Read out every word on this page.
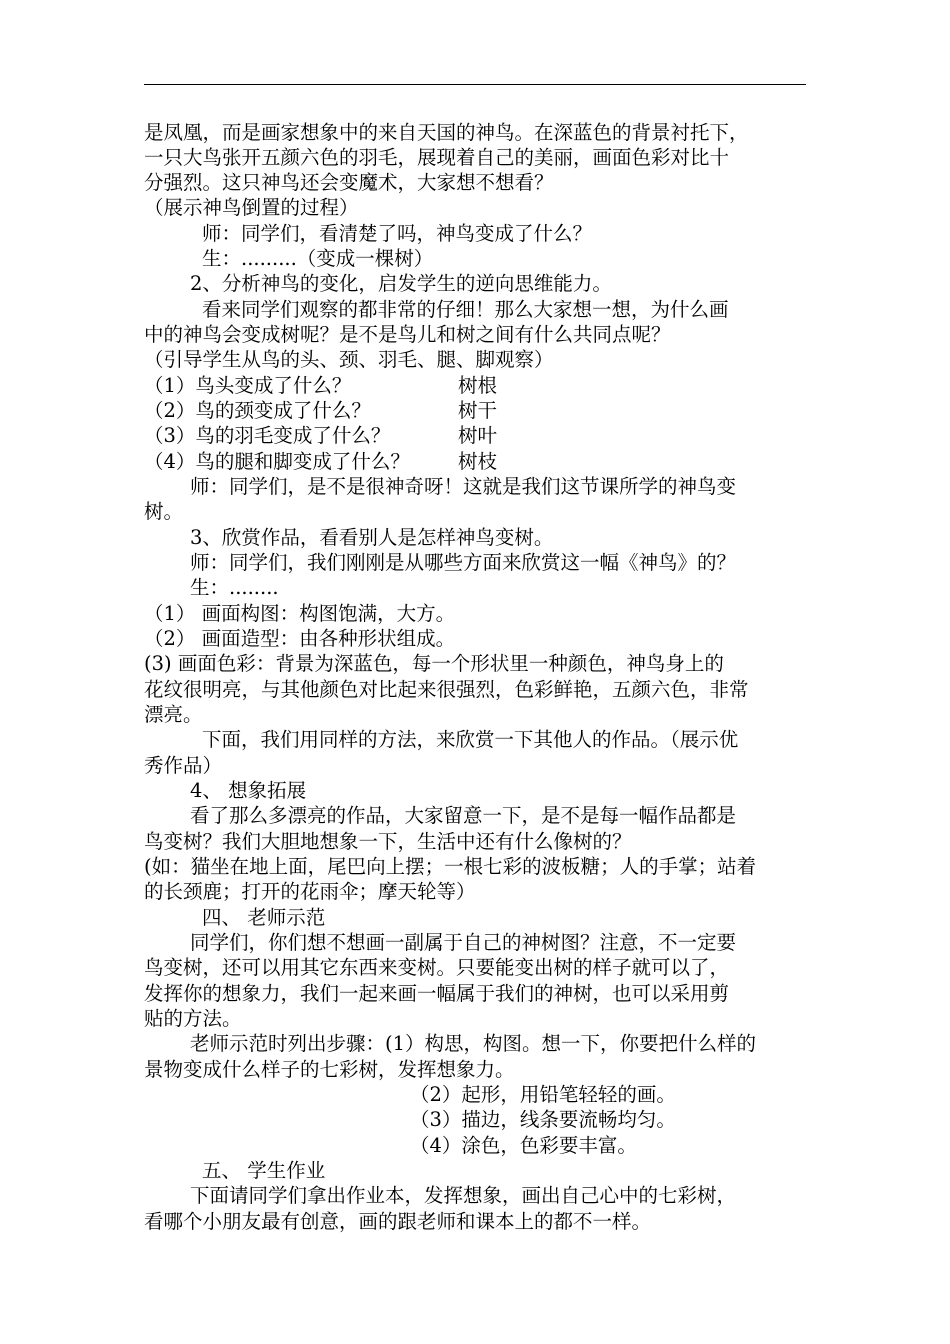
是凤凰，而是画家想象中的来自天国的神鸟。在深蓝色的背景衬托下，
一只大鸟张开五颜六色的羽毛，展现着自己的美丽，画面色彩对比十
分强烈。这只神鸟还会变魔术，大家想不想看？
（展示神鸟倒置的过程）
师：同学们，看清楚了吗，神鸟变成了什么？
生：.........（变成一棵树）
2、分析神鸟的变化，启发学生的逆向思维能力。
看来同学们观察的都非常的仔细！那么大家想一想，为什么画
中的神鸟会变成树呢？是不是鸟儿和树之间有什么共同点呢？
（引导学生从鸟的头、颈、羽毛、腿、脚观察）
（1）鸟头变成了什么？	树根
（2）鸟的颈变成了什么？	树干
（3）鸟的羽毛变成了什么？	树叶
（4）鸟的腿和脚变成了什么？ 树枝
师：同学们，是不是很神奇呀！这就是我们这节课所学的神鸟变
树。
3、欣赏作品，看看别人是怎样神鸟变树。
师：同学们，我们刚刚是从哪些方面来欣赏这一幅《神鸟》的？
生：........
（1） 画面构图：构图饱满，大方。
（2） 画面造型：由各种形状组成。
(3) 画面色彩：背景为深蓝色，每一个形状里一种颜色，神鸟身上的
花纹很明亮，与其他颜色对比起来很强烈，色彩鲜艳，五颜六色，非常
漂亮。
下面，我们用同样的方法，来欣赏一下其他人的作品。（展示优
秀作品）
4、 想象拓展
看了那么多漂亮的作品，大家留意一下，是不是每一幅作品都是
鸟变树？我们大胆地想象一下，生活中还有什么像树的？
(如：猫坐在地上面，尾巴向上摆；一根七彩的波板糖；人的手掌；站着
的长颈鹿；打开的花雨伞；摩天轮等）
四、 老师示范
同学们，你们想不想画一副属于自己的神树图？注意，不一定要
鸟变树，还可以用其它东西来变树。只要能变出树的样子就可以了，
发挥你的想象力，我们一起来画一幅属于我们的神树，也可以采用剪
贴的方法。
老师示范时列出步骤：(1）构思，构图。想一下，你要把什么样的
景物变成什么样子的七彩树，发挥想象力。
（2）起形，用铅笔轻轻的画。
（3）描边，线条要流畅均匀。
（4）涂色，色彩要丰富。
五、 学生作业
下面请同学们拿出作业本，发挥想象，画出自己心中的七彩树，
看哪个小朋友最有创意，画的跟老师和课本上的都不一样。
